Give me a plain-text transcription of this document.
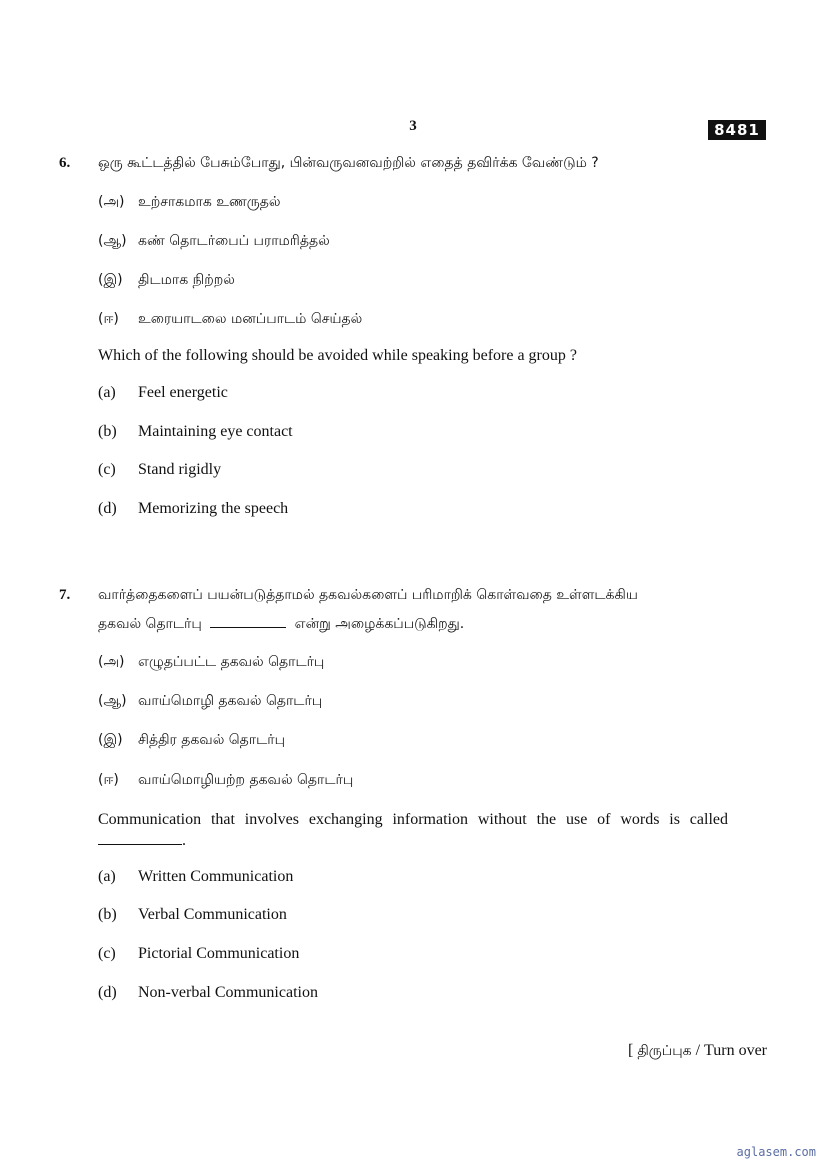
3	8481
6. ஒரு கூட்டத்தில் பேசும்போது, பின்வருவனவற்றில் எதைத் தவிர்க்க வேண்டும் ?
(அ) உற்சாகமாக உணருதல்
(ஆ) கண் தொடர்பைப் பராமரித்தல்
(இ) திடமாக நிற்றல்
(ஈ) உரையாடலை மனப்பாடம் செய்தல்
Which of the following should be avoided while speaking before a group ?
(a) Feel energetic
(b) Maintaining eye contact
(c) Stand rigidly
(d) Memorizing the speech
7. வார்த்தைகளைப் பயன்படுத்தாமல் தகவல்களைப் பரிமாறிக் கொள்வதை உள்ளடக்கிய
தகவல் தொடர்பு	என்று அழைக்கப்படுகிறது.
(அ) எழுதப்பட்ட தகவல் தொடர்பு
(ஆ) வாய்மொழி தகவல் தொடர்பு
(இ) சித்திர தகவல் தொடர்பு
(ஈ) வாய்மொழியற்ற தகவல் தொடர்பு
Communication that involves exchanging information without the use of words is called
.
(a) Written Communication
(b) Verbal Communication
(c) Pictorial Communication
(d) Non-verbal Communication
[ திருப்புக / Turn over
aglasem.com
